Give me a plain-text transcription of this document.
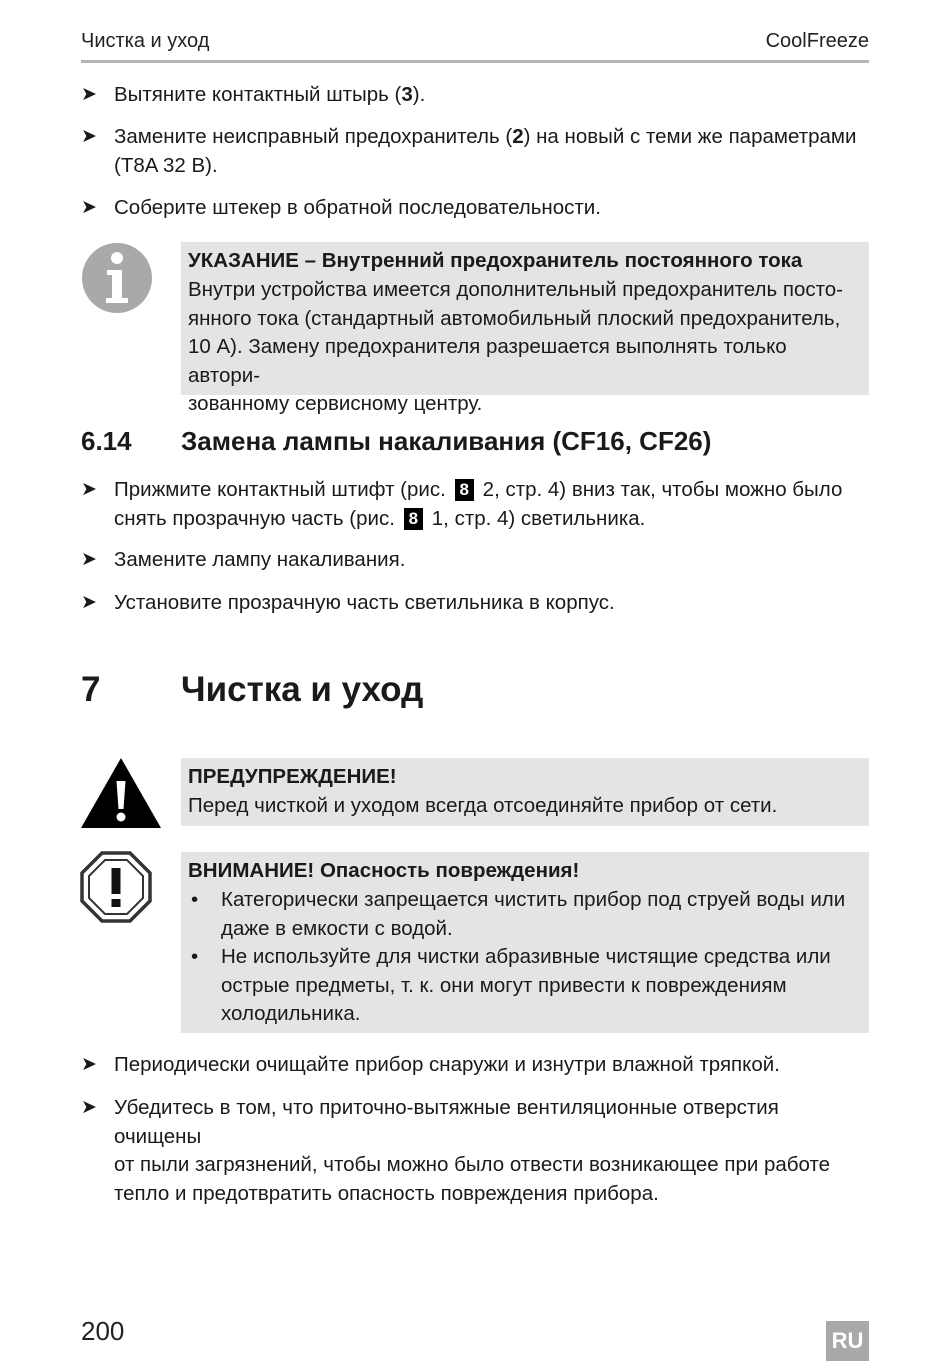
Чистка и уход	CoolFreeze
➤ Вытяните контактный штырь (3).
➤ Замените неисправный предохранитель (2) на новый с теми же параметрами (T8A 32 В).
➤ Соберите штекер в обратной последовательности.
УКАЗАНИЕ – Внутренний предохранитель постоянного тока
Внутри устройства имеется дополнительный предохранитель посто-
янного тока (стандартный автомобильный плоский предохранитель,
10 А). Замену предохранителя разрешается выполнять только автори-
зованному сервисному центру.
6.14 Замена лампы накаливания (CF16, CF26)
➤ Прижмите контактный штифт (рис. 8 2, стр. 4) вниз так, чтобы можно было
снять прозрачную часть (рис. 8 1, стр. 4) светильника.
➤ Замените лампу накаливания.
➤ Установите прозрачную часть светильника в корпус.
7 Чистка и уход
ПРЕДУПРЕЖДЕНИЕ!
Перед чисткой и уходом всегда отсоединяйте прибор от сети.
ВНИМАНИЕ! Опасность повреждения!
• Категорически запрещается чистить прибор под струей воды или
даже в емкости с водой.
• Не используйте для чистки абразивные чистящие средства или
острые предметы, т. к. они могут привести к повреждениям
холодильника.
➤ Периодически очищайте прибор снаружи и изнутри влажной тряпкой.
➤ Убедитесь в том, что приточно-вытяжные вентиляционные отверстия очищены
от пыли загрязнений, чтобы можно было отвести возникающее при работе
тепло и предотвратить опасность повреждения прибора.
200	RU
